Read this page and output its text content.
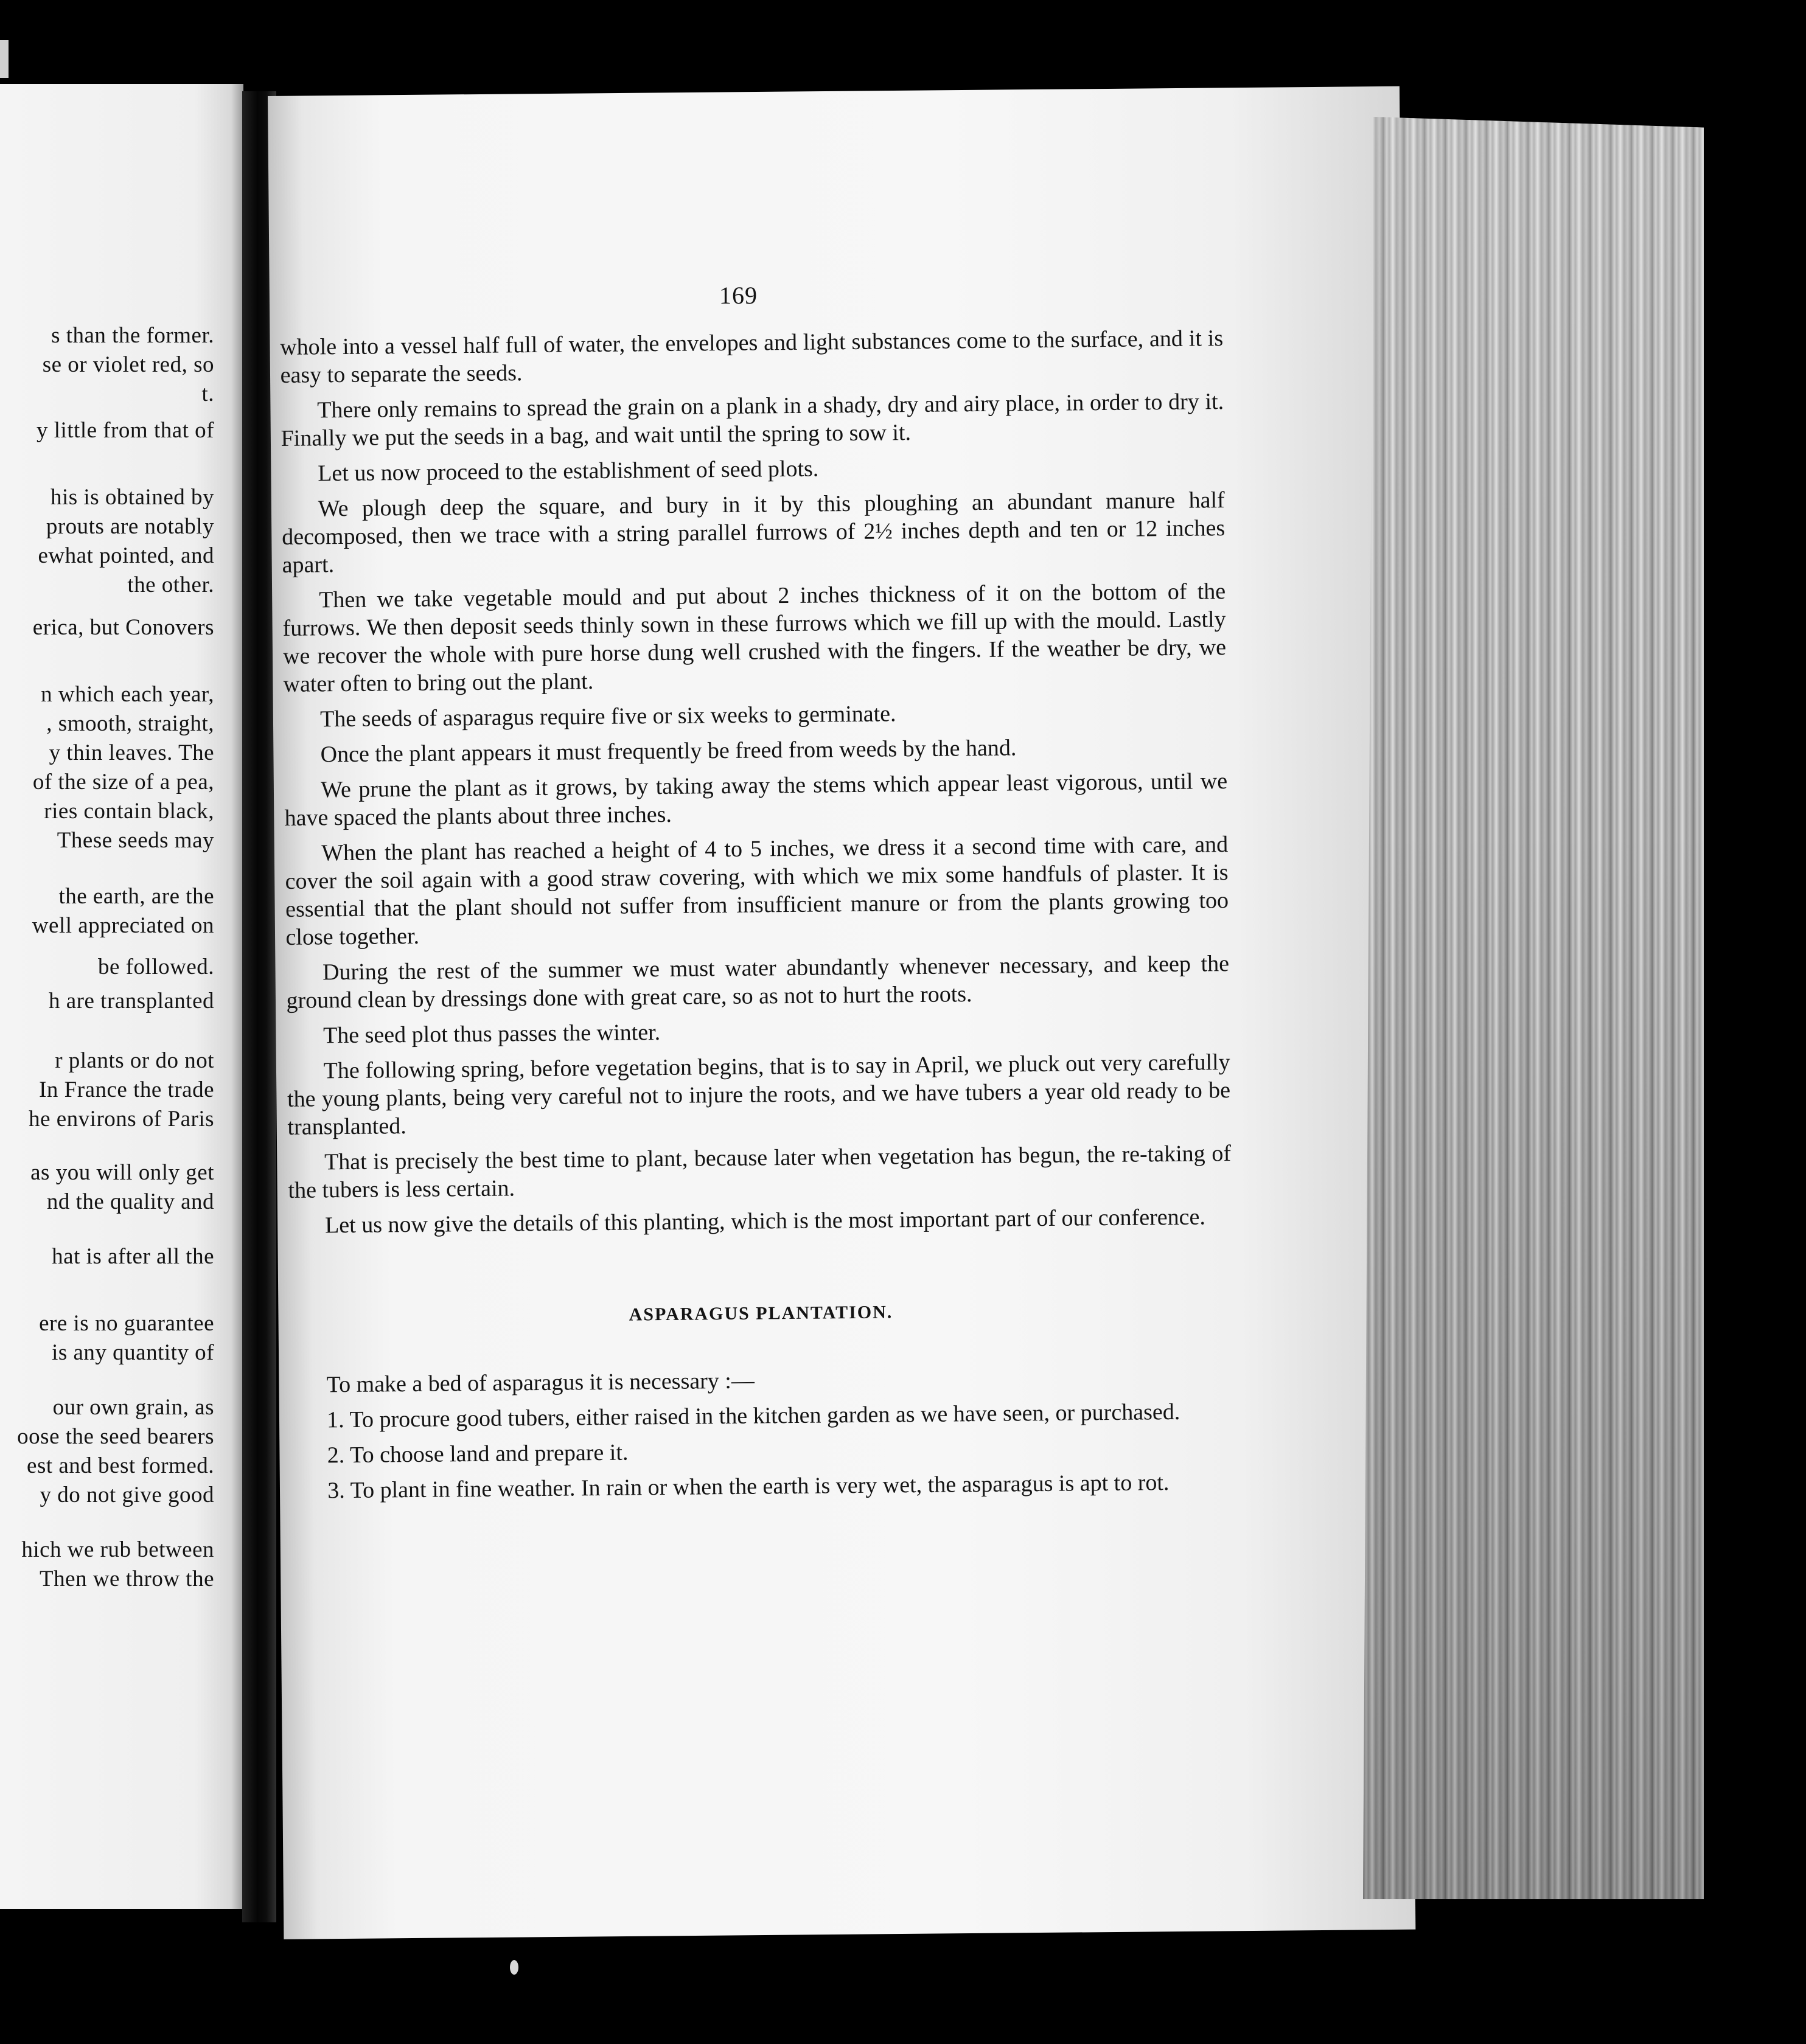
s than the former.
se or violet red, so
t.
y little from that of
his is obtained by
prouts are notably
ewhat pointed, and
the other.
erica, but Conovers
n which each year,
, smooth, straight,
y thin leaves. The
of the size of a pea,
ries contain black,
These seeds may
the earth, are the
well appreciated on
be followed.
h are transplanted
r plants or do not
In France the trade
he environs of Paris
as you will only get
nd the quality and
hat is after all the
ere is no guarantee
is any quantity of
our own grain, as
oose the seed bearers
est and best formed.
y do not give good
hich we rub between
Then we throw the
169

whole into a vessel half full of water, the envelopes and light substances come to the surface, and it is easy to separate the seeds.

There only remains to spread the grain on a plank in a shady, dry and airy place, in order to dry it. Finally we put the seeds in a bag, and wait until the spring to sow it.

Let us now proceed to the establishment of seed plots.

We plough deep the square, and bury in it by this ploughing an abundant manure half decomposed, then we trace with a string parallel furrows of 2½ inches depth and ten or 12 inches apart.

Then we take vegetable mould and put about 2 inches thickness of it on the bottom of the furrows. We then deposit seeds thinly sown in these furrows which we fill up with the mould. Lastly we recover the whole with pure horse dung well crushed with the fingers. If the weather be dry, we water often to bring out the plant.

The seeds of asparagus require five or six weeks to germinate.

Once the plant appears it must frequently be freed from weeds by the hand.

We prune the plant as it grows, by taking away the stems which appear least vigorous, until we have spaced the plants about three inches.

When the plant has reached a height of 4 to 5 inches, we dress it a second time with care, and cover the soil again with a good straw covering, with which we mix some handfuls of plaster. It is essential that the plant should not suffer from insufficient manure or from the plants growing too close together.

During the rest of the summer we must water abundantly whenever necessary, and keep the ground clean by dressings done with great care, so as not to hurt the roots.

The seed plot thus passes the winter.

The following spring, before vegetation begins, that is to say in April, we pluck out very carefully the young plants, being very careful not to injure the roots, and we have tubers a year old ready to be transplanted.

That is precisely the best time to plant, because later when vegetation has begun, the re-taking of the tubers is less certain.

Let us now give the details of this planting, which is the most important part of our conference.

ASPARAGUS PLANTATION.

To make a bed of asparagus it is necessary :—

1. To procure good tubers, either raised in the kitchen garden as we have seen, or purchased.

2. To choose land and prepare it.

3. To plant in fine weather. In rain or when the earth is very wet, the asparagus is apt to rot.
